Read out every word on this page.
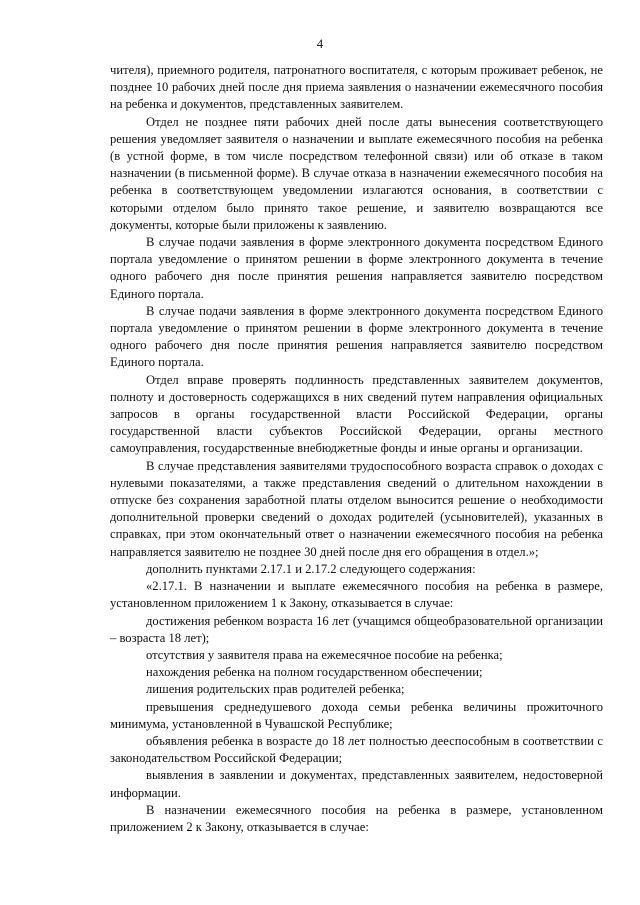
4

чителя), приемного родителя, патронатного воспитателя, с которым проживает ребенок, не позднее 10 рабочих дней после дня приема заявления о назначении ежемесячного пособия на ребенка и документов, представленных заявителем.

Отдел не позднее пяти рабочих дней после даты вынесения соответствующего решения уведомляет заявителя о назначении и выплате ежемесячного пособия на ребенка (в устной форме, в том числе посредством телефонной связи) или об отказе в таком назначении (в письменной форме). В случае отказа в назначении ежемесячного пособия на ребенка в соответствующем уведомлении излагаются основания, в соответствии с которыми отделом было принято такое решение, и заявителю возвращаются все документы, которые были приложены к заявлению.

В случае подачи заявления в форме электронного документа посредством Единого портала уведомление о принятом решении в форме электронного документа в течение одного рабочего дня после принятия решения направляется заявителю посредством Единого портала.

В случае подачи заявления в форме электронного документа посредством Единого портала уведомление о принятом решении в форме электронного документа в течение одного рабочего дня после принятия решения направляется заявителю посредством Единого портала.

Отдел вправе проверять подлинность представленных заявителем документов, полноту и достоверность содержащихся в них сведений путем направления официальных запросов в органы государственной власти Российской Федерации, органы государственной власти субъектов Российской Федерации, органы местного самоуправления, государственные внебюджетные фонды и иные органы и организации.

В случае представления заявителями трудоспособного возраста справок о доходах с нулевыми показателями, а также представления сведений о длительном нахождении в отпуске без сохранения заработной платы отделом выносится решение о необходимости дополнительной проверки сведений о доходах родителей (усыновителей), указанных в справках, при этом окончательный ответ о назначении ежемесячного пособия на ребенка направляется заявителю не позднее 30 дней после дня его обращения в отдел.»;

дополнить пунктами 2.17.1 и 2.17.2 следующего содержания:

«2.17.1. В назначении и выплате ежемесячного пособия на ребенка в размере, установленном приложением 1 к Закону, отказывается в случае:

достижения ребенком возраста 16 лет (учащимся общеобразовательной организации – возраста 18 лет);

отсутствия у заявителя права на ежемесячное пособие на ребенка;

нахождения ребенка на полном государственном обеспечении;

лишения родительских прав родителей ребенка;

превышения среднедушевого дохода семьи ребенка величины прожиточного минимума, установленной в Чувашской Республике;

объявления ребенка в возрасте до 18 лет полностью дееспособным в соответствии с законодательством Российской Федерации;

выявления в заявлении и документах, представленных заявителем, недостоверной информации.

В назначении ежемесячного пособия на ребенка в размере, установленном приложением 2 к Закону, отказывается в случае:
